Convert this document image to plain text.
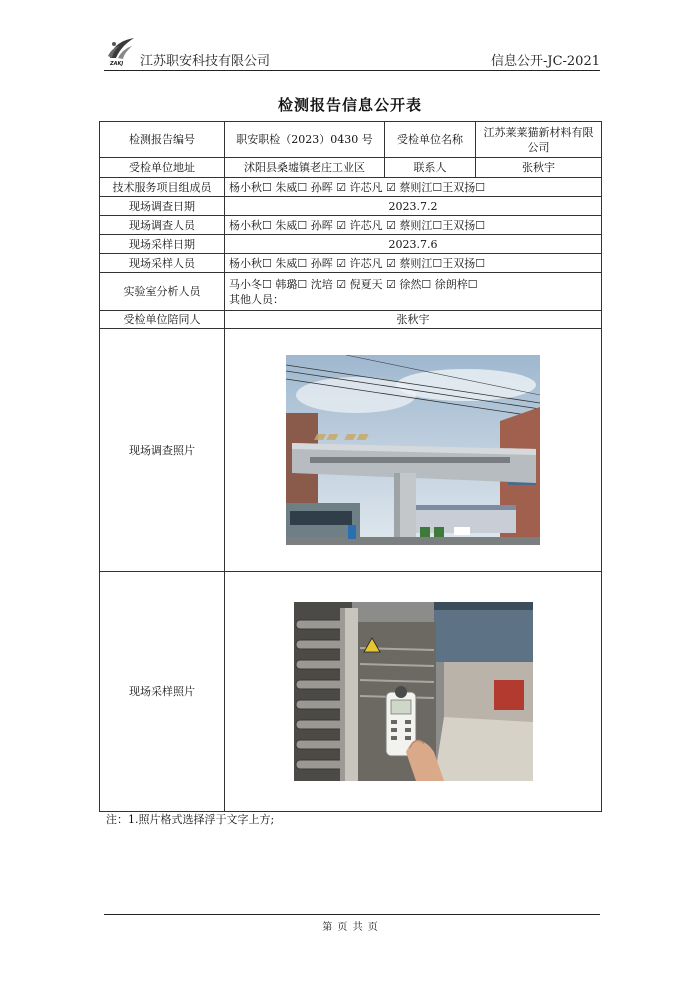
ZAKJ 江苏职安科技有限公司	信息公开-JC-2021
检测报告信息公开表
检测报告编号	职安职检（2023）0430 号	受检单位名称	江苏莱莱猫新材料有限公司
受检单位地址	沭阳县桑墟镇老庄工业区	联系人	张秋宇
技术服务项目组成员	杨小秋☐ 朱威☐ 孙晖 ☑ 许芯凡 ☑ 蔡则江☐王双扬☐		
现场调查日期	2023.7.2		
现场调查人员	杨小秋☐ 朱威☐ 孙晖 ☑ 许芯凡 ☑ 蔡则江☐王双扬☐		
现场采样日期	2023.7.6		
现场采样人员	杨小秋☐ 朱威☐ 孙晖 ☑ 许芯凡 ☑ 蔡则江☐王双扬☐		
实验室分析人员	马小冬☐ 韩璐☐ 沈培 ☑ 倪夏天 ☑ 徐然☐ 徐朗梓☐
其他人员：		

受检单位陪同人	张秋宇		
现场调查照片	▰▰ ▰▰		

现场采样照片	
注：1.照片格式选择浮于文字上方;
第 页 共 页
